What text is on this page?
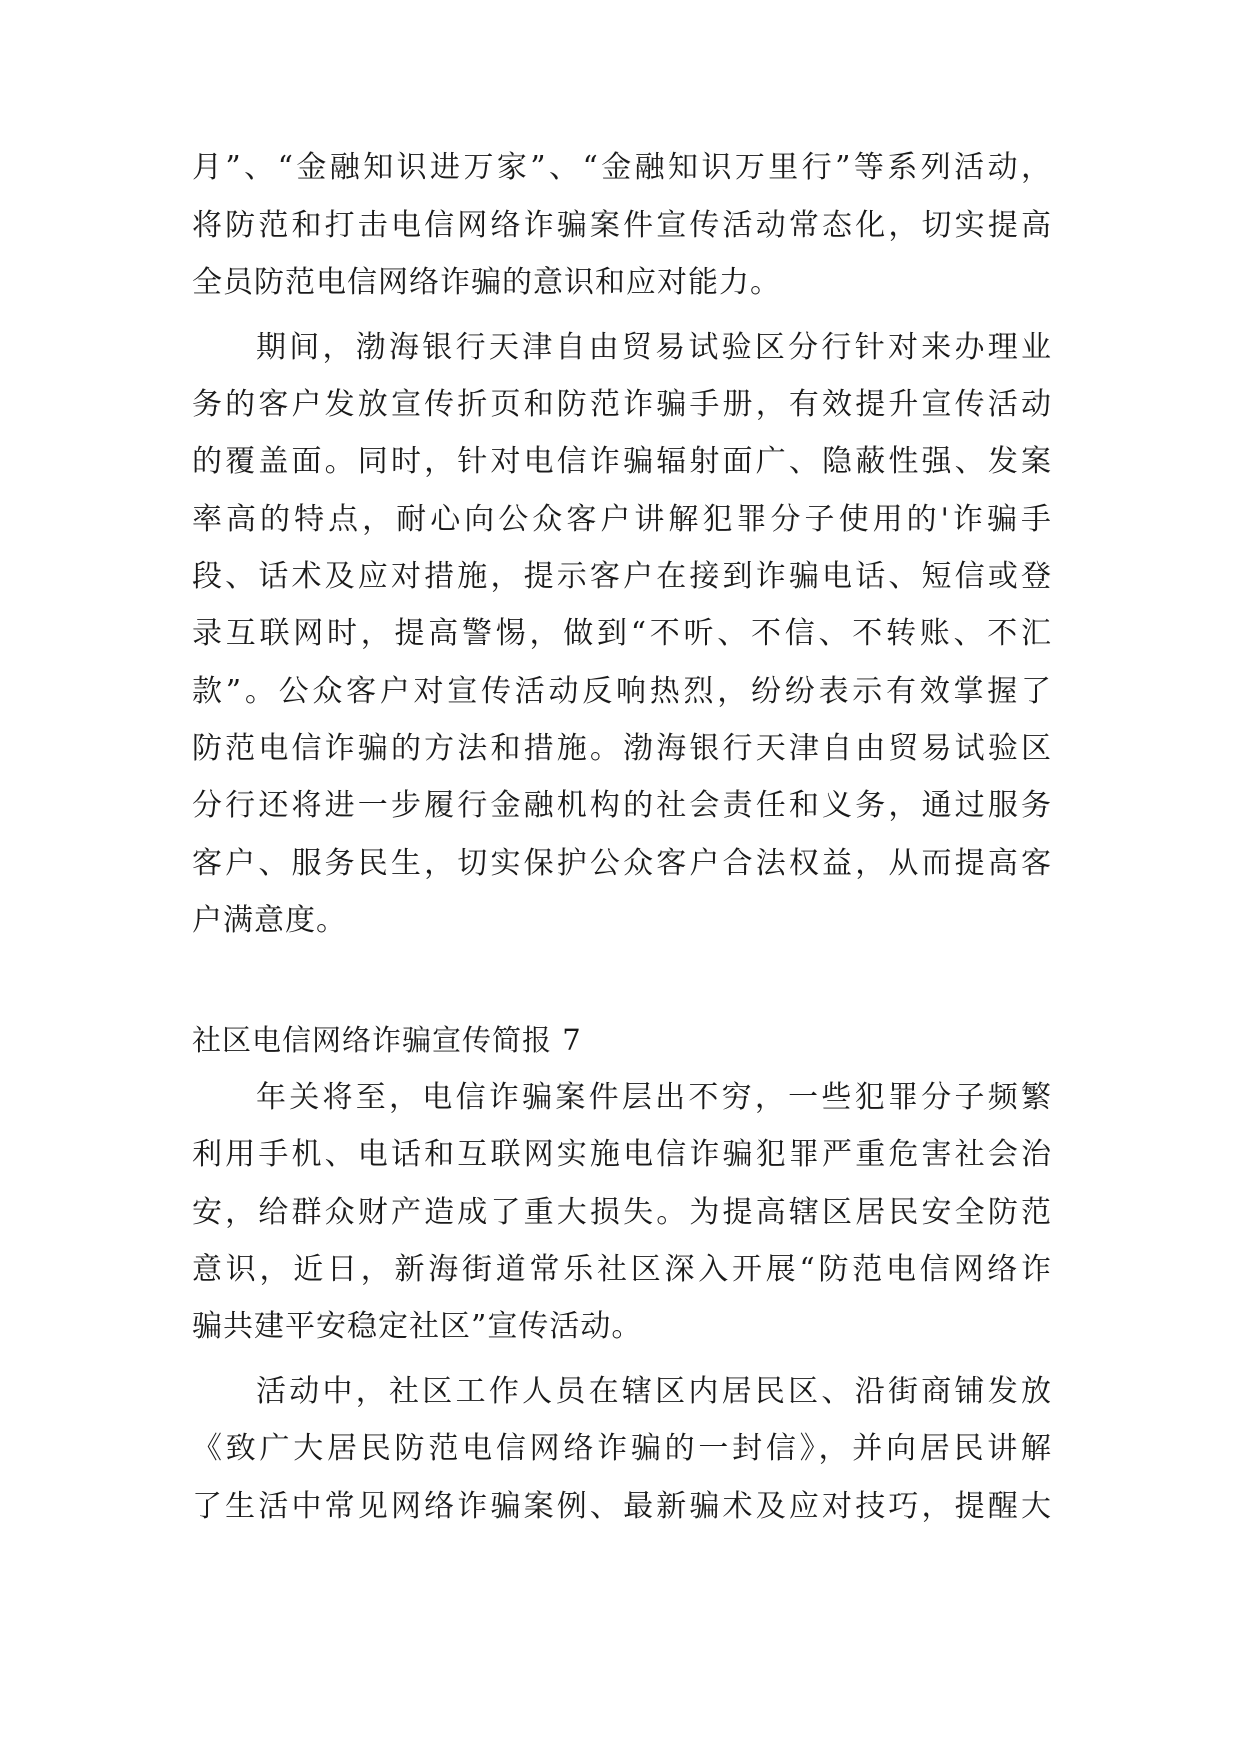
月”、“金融知识进万家”、“金融知识万里行”等系列活动，
将防范和打击电信网络诈骗案件宣传活动常态化，切实提高
全员防范电信网络诈骗的意识和应对能力。
期间，渤海银行天津自由贸易试验区分行针对来办理业
务的客户发放宣传折页和防范诈骗手册，有效提升宣传活动
的覆盖面。同时，针对电信诈骗辐射面广、隐蔽性强、发案
率高的特点，耐心向公众客户讲解犯罪分子使用的'诈骗手
段、话术及应对措施，提示客户在接到诈骗电话、短信或登
录互联网时，提高警惕，做到“不听、不信、不转账、不汇
款”。公众客户对宣传活动反响热烈，纷纷表示有效掌握了
防范电信诈骗的方法和措施。渤海银行天津自由贸易试验区
分行还将进一步履行金融机构的社会责任和义务，通过服务
客户、服务民生，切实保护公众客户合法权益，从而提高客
户满意度。
社区电信网络诈骗宣传简报 7
年关将至，电信诈骗案件层出不穷，一些犯罪分子频繁
利用手机、电话和互联网实施电信诈骗犯罪严重危害社会治
安，给群众财产造成了重大损失。为提高辖区居民安全防范
意识，近日，新海街道常乐社区深入开展“防范电信网络诈
骗共建平安稳定社区”宣传活动。
活动中，社区工作人员在辖区内居民区、沿街商铺发放
《致广大居民防范电信网络诈骗的一封信》，并向居民讲解
了生活中常见网络诈骗案例、最新骗术及应对技巧，提醒大
